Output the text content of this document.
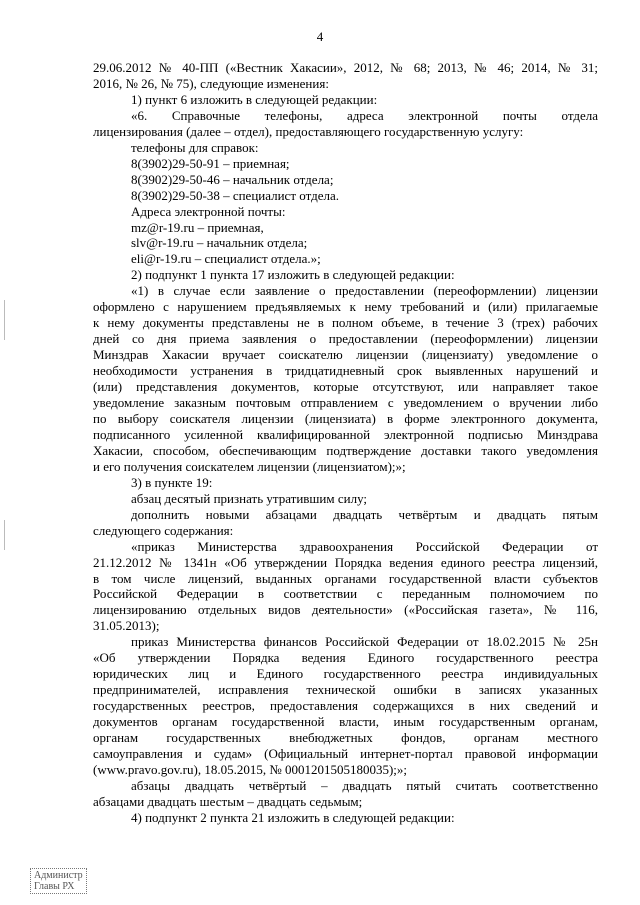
4

29.06.2012 № 40-ПП («Вестник Хакасии», 2012, № 68; 2013, № 46; 2014, № 31;

2016, № 26, № 75), следующие изменения:

1) пункт 6 изложить в следующей редакции:

«6. Справочные телефоны, адреса электронной почты отдела

лицензирования (далее – отдел), предоставляющего государственную услугу:

телефоны для справок:

8(3902)29-50-91 – приемная;

8(3902)29-50-46 – начальник отдела;

8(3902)29-50-38 – специалист отдела.

Адреса электронной почты:

mz@r-19.ru – приемная,

slv@r-19.ru – начальник отдела;

eli@r-19.ru – специалист отдела.»;

2) подпункт 1 пункта 17 изложить в следующей редакции:

«1) в случае если заявление о предоставлении (переоформлении) лицензии

оформлено с нарушением предъявляемых к нему требований и (или) прилагаемые

к нему документы представлены не в полном объеме, в течение 3 (трех) рабочих

дней со дня приема заявления о предоставлении (переоформлении) лицензии

Минздрав Хакасии вручает соискателю лицензии (лицензиату) уведомление о

необходимости устранения в тридцатидневный срок выявленных нарушений и

(или) представления документов, которые отсутствуют, или направляет такое

уведомление заказным почтовым отправлением с уведомлением о вручении либо

по выбору соискателя лицензии (лицензиата) в форме электронного документа,

подписанного усиленной квалифицированной электронной подписью Минздрава

Хакасии, способом, обеспечивающим подтверждение доставки такого уведомления

и его получения соискателем лицензии (лицензиатом);»;

3) в пункте 19:

абзац десятый признать утратившим силу;

дополнить новыми абзацами двадцать четвёртым и двадцать пятым

следующего содержания:

«приказ Министерства здравоохранения Российской Федерации от

21.12.2012 № 1341н «Об утверждении Порядка ведения единого реестра лицензий,

в том числе лицензий, выданных органами государственной власти субъектов

Российской Федерации в соответствии с переданным полномочием по

лицензированию отдельных видов деятельности» («Российская газета», № 116,

31.05.2013);

приказ Министерства финансов Российской Федерации от 18.02.2015 № 25н

«Об утверждении Порядка ведения Единого государственного реестра

юридических лиц и Единого государственного реестра индивидуальных

предпринимателей, исправления технической ошибки в записях указанных

государственных реестров, предоставления содержащихся в них сведений и

документов органам государственной власти, иным государственным органам,

органам государственных внебюджетных фондов, органам местного

самоуправления и судам» (Официальный интернет-портал правовой информации

(www.pravo.gov.ru), 18.05.2015, № 0001201505180035);»;

абзацы двадцать четвёртый – двадцать пятый считать соответственно

абзацами двадцать шестым – двадцать седьмым;

4) подпункт 2 пункта 21 изложить в следующей редакции:

Администр
Главы РХ
